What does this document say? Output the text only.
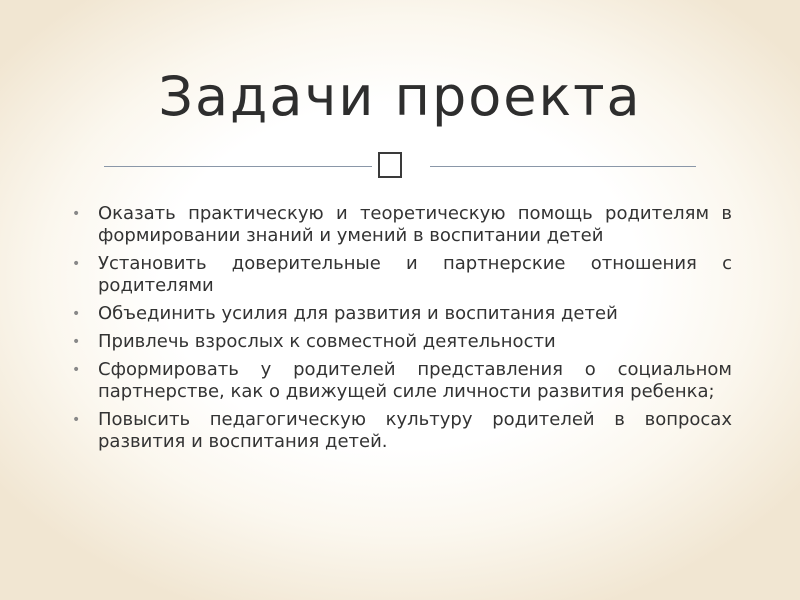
Задачи проекта
• Оказать практическую и теоретическую помощь родителям в формировании знаний и умений в воспитании детей
• Установить доверительные и партнерские отношения с родителями
• Объединить усилия для развития и воспитания детей
• Привлечь взрослых к совместной деятельности
• Сформировать у родителей представления о социальном партнерстве, как о движущей силе личности развития ребенка;
• Повысить педагогическую культуру родителей в вопросах развития и воспитания детей.
